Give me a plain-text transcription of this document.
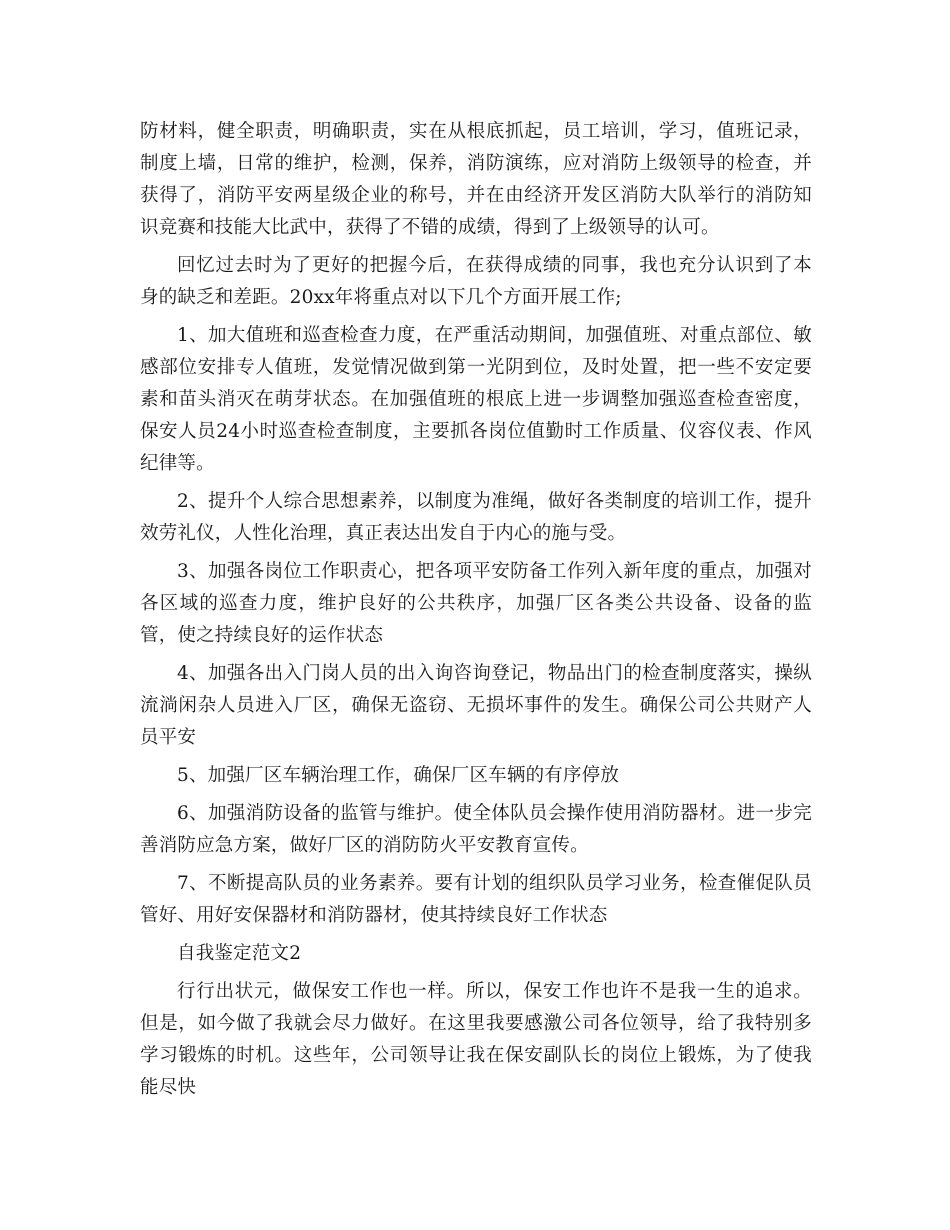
防材料，健全职责，明确职责，实在从根底抓起，员工培训，学习，值班记录，制度上墙，日常的维护，检测，保养，消防演练，应对消防上级领导的检查，并获得了，消防平安两星级企业的称号，并在由经济开发区消防大队举行的消防知识竞赛和技能大比武中，获得了不错的成绩，得到了上级领导的认可。

回忆过去时为了更好的把握今后，在获得成绩的同事，我也充分认识到了本身的缺乏和差距。20xx年将重点对以下几个方面开展工作;

1、加大值班和巡查检查力度，在严重活动期间，加强值班、对重点部位、敏感部位安排专人值班，发觉情况做到第一光阴到位，及时处置，把一些不安定要素和苗头消灭在萌芽状态。在加强值班的根底上进一步调整加强巡查检查密度，保安人员24小时巡查检查制度，主要抓各岗位值勤时工作质量、仪容仪表、作风纪律等。

2、提升个人综合思想素养，以制度为准绳，做好各类制度的培训工作，提升效劳礼仪，人性化治理，真正表达出发自于内心的施与受。

3、加强各岗位工作职责心，把各项平安防备工作列入新年度的重点，加强对各区域的巡查力度，维护良好的公共秩序，加强厂区各类公共设备、设备的监管，使之持续良好的运作状态

4、加强各出入门岗人员的出入询咨询登记，物品出门的检查制度落实，操纵流淌闲杂人员进入厂区，确保无盗窃、无损坏事件的发生。确保公司公共财产人员平安

5、加强厂区车辆治理工作，确保厂区车辆的有序停放

6、加强消防设备的监管与维护。使全体队员会操作使用消防器材。进一步完善消防应急方案，做好厂区的消防防火平安教育宣传。

7、不断提高队员的业务素养。要有计划的组织队员学习业务，检查催促队员管好、用好安保器材和消防器材，使其持续良好工作状态

自我鉴定范文2

行行出状元，做保安工作也一样。所以，保安工作也许不是我一生的追求。但是，如今做了我就会尽力做好。在这里我要感激公司各位领导，给了我特别多学习锻炼的时机。这些年，公司领导让我在保安副队长的岗位上锻炼，为了使我能尽快
